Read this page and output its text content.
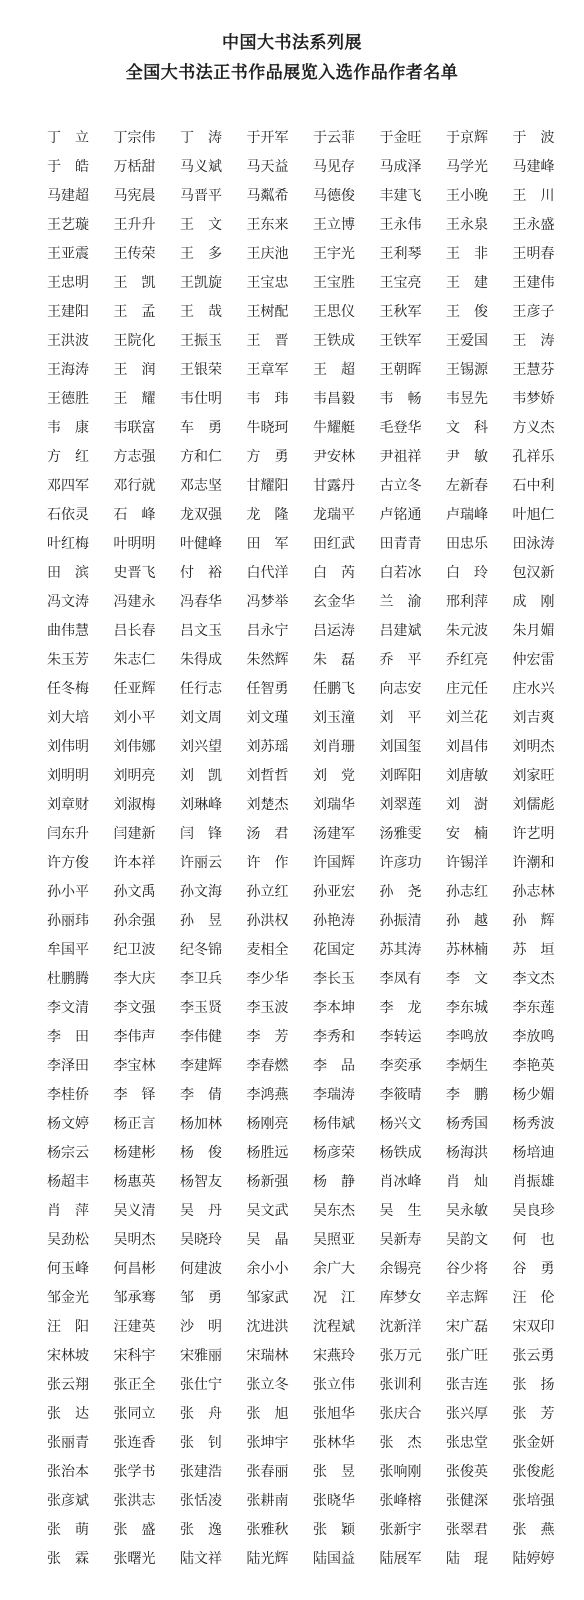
中国大书法系列展

全国大书法正书作品展览入选作品作者名单

丁　立	丁宗伟	丁　涛	于开军	于云菲	于金旺	于京辉	于　波
于　皓	万栝甜	马义斌	马天益	马见存	马成泽	马学光	马建峰
马建超	马宪晨	马晋平	马粼希	马德俊	丰建飞	王小晚	王　川
王艺璇	王升升	王　文	王东来	王立博	王永伟	王永泉	王永盛
王亚震	王传荣	王　多	王庆池	王宇光	王利琴	王　非	王明春
王忠明	王　凯	王凯旋	王宝忠	王宝胜	王宝亮	王　建	王建伟
王建阳	王　孟	王　哉	王树配	王思仪	王秋军	王　俊	王彦子
王洪波	王院化	王振玉	王　晋	王铁成	王铁军	王爱国	王　涛
王海涛	王　润	王银荣	王章军	王　超	王朝晖	王锡源	王慧芬
王德胜	王　耀	韦仕明	韦　玮	韦昌毅	韦　畅	韦昱先	韦梦娇
韦　康	韦联富	车　勇	牛晓珂	牛耀艇	毛登华	文　科	方义杰
方　红	方志强	方和仁	方　勇	尹安林	尹祖祥	尹　敏	孔祥乐
邓四军	邓行就	邓志坚	甘耀阳	甘露丹	古立冬	左新春	石中利
石依灵	石　峰	龙双强	龙　隆	龙瑞平	卢铭通	卢瑞峰	叶旭仁
叶红梅	叶明明	叶健峰	田　军	田红武	田青青	田忠乐	田泳涛
田　滨	史晋飞	付　裕	白代洋	白　芮	白若冰	白　玲	包汉新
冯文涛	冯建永	冯春华	冯梦举	玄金华	兰　渝	邢利萍	成　刚
曲伟慧	吕长春	吕文玉	吕永宁	吕运涛	吕建斌	朱元波	朱月媚
朱玉芳	朱志仁	朱得成	朱然辉	朱　磊	乔　平	乔红亮	仲宏雷
任冬梅	任亚辉	任行志	任智勇	任鹏飞	向志安	庄元任	庄水兴
刘大培	刘小平	刘文周	刘文瑾	刘玉潼	刘　平	刘兰花	刘吉爽
刘伟明	刘伟娜	刘兴望	刘苏瑶	刘肖珊	刘国玺	刘昌伟	刘明杰
刘明明	刘明亮	刘　凯	刘哲哲	刘　党	刘晖阳	刘唐敏	刘家旺
刘章财	刘淑梅	刘琳峰	刘楚杰	刘瑞华	刘翠莲	刘　澍	刘儒彪
闫东升	闫建新	闫　锋	汤　君	汤建军	汤雅雯	安　楠	许艺明
许方俊	许本祥	许丽云	许　作	许国辉	许彦功	许锡洋	许潮和
孙小平	孙文禹	孙文海	孙立红	孙亚宏	孙　尧	孙志红	孙志林
孙丽玮	孙余强	孙　昱	孙洪权	孙艳涛	孙振清	孙　越	孙　辉
牟国平	纪卫波	纪冬锦	麦相全	花国定	苏其涛	苏林楠	苏　垣
杜鹏腾	李大庆	李卫兵	李少华	李长玉	李凤有	李　文	李文杰
李文清	李文强	李玉贤	李玉波	李本坤	李　龙	李东城	李东莲
李　田	李伟声	李伟健	李　芳	李秀和	李转运	李鸣放	李放鸣
李泽田	李宝林	李建辉	李春燃	李　品	李奕承	李炳生	李艳英
李桂侨	李　铎	李　倩	李鸿燕	李瑞涛	李筱晴	李　鹏	杨少媚
杨文婷	杨正言	杨加林	杨刚亮	杨伟斌	杨兴文	杨秀国	杨秀波
杨宗云	杨建彬	杨　俊	杨胜远	杨彦荣	杨铁成	杨海洪	杨培迪
杨超丰	杨惠英	杨智友	杨新强	杨　静	肖冰峰	肖　灿	肖振雄
肖　萍	吴义清	吴　丹	吴文武	吴东杰	吴　生	吴永敏	吴良珍
吴劲松	吴明杰	吴晓玲	吴　晶	吴照亚	吴新寿	吴韵文	何　也
何玉峰	何昌彬	何建波	余小小	余广大	余锡亮	谷少将	谷　勇
邹金光	邹承骞	邹　勇	邹家武	况　江	库梦女	辛志辉	汪　伦
汪　阳	汪建英	沙　明	沈进洪	沈程斌	沈新洋	宋广磊	宋双印
宋林坡	宋科宇	宋雅丽	宋瑞林	宋燕玲	张万元	张广旺	张云勇
张云翔	张正全	张仕宁	张立冬	张立伟	张训利	张吉连	张　扬
张　达	张同立	张　舟	张　旭	张旭华	张庆合	张兴厚	张　芳
张丽青	张连香	张　钊	张坤宇	张林华	张　杰	张忠堂	张金妍
张治本	张学书	张建浩	张春丽	张　昱	张响刚	张俊英	张俊彪
张彦斌	张洪志	张恬凌	张耕南	张晓华	张峰榕	张健深	张培强
张　萌	张　盛	张　逸	张雅秋	张　颖	张新宇	张翠君	张　燕
张　霖	张曙光	陆文祥	陆光辉	陆国益	陆展军	陆　琨	陆婷婷
